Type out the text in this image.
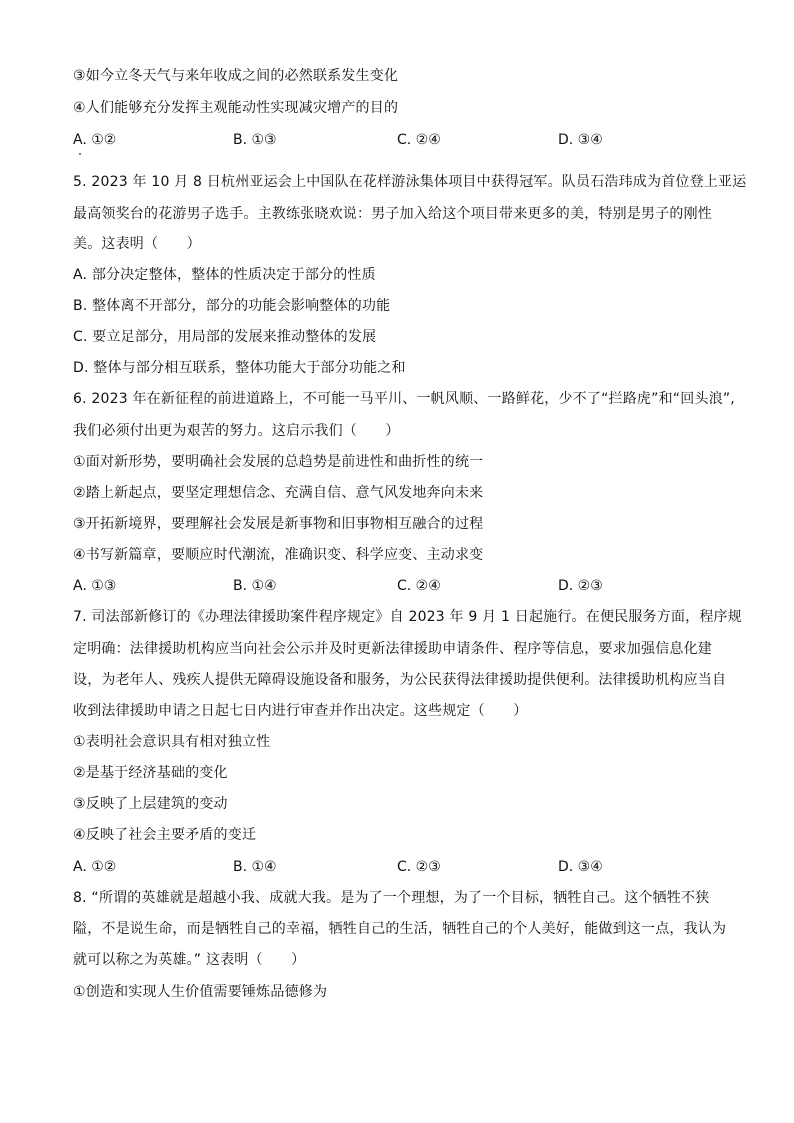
③如今立冬天气与来年收成之间的必然联系发生变化
④人们能够充分发挥主观能动性实现减灾增产的目的
A. ①②	B. ①③	C. ②④	D. ③④
5. 2023 年 10 月 8 日杭州亚运会上中国队在花样游泳集体项目中获得冠军。队员石浩玮成为首位登上亚运
最高领奖台的花游男子选手。主教练张晓欢说：男子加入给这个项目带来更多的美，特别是男子的刚性
美。这表明（　　）
A. 部分决定整体，整体的性质决定于部分的性质
B. 整体离不开部分，部分的功能会影响整体的功能
C. 要立足部分，用局部的发展来推动整体的发展
D. 整体与部分相互联系，整体功能大于部分功能之和
6. 2023 年在新征程的前进道路上，不可能一马平川、一帆风顺、一路鲜花，少不了“拦路虎”和“回头浪”,
我们必须付出更为艰苦的努力。这启示我们（　　）
①面对新形势，要明确社会发展的总趋势是前进性和曲折性的统一
②踏上新起点，要坚定理想信念、充满自信、意气风发地奔向未来
③开拓新境界，要理解社会发展是新事物和旧事物相互融合的过程
④书写新篇章，要顺应时代潮流，准确识变、科学应变、主动求变
A. ①③	B. ①④	C. ②④	D. ②③
7. 司法部新修订的《办理法律援助案件程序规定》自 2023 年 9 月 1 日起施行。在便民服务方面，程序规
定明确：法律援助机构应当向社会公示并及时更新法律援助申请条件、程序等信息，要求加强信息化建
设，为老年人、残疾人提供无障碍设施设备和服务，为公民获得法律援助提供便利。法律援助机构应当自
收到法律援助申请之日起七日内进行审查并作出决定。这些规定（　　）
①表明社会意识具有相对独立性
②是基于经济基础的变化
③反映了上层建筑的变动
④反映了社会主要矛盾的变迁
A. ①②	B. ①④	C. ②③	D. ③④
8. “所谓的英雄就是超越小我、成就大我。是为了一个理想，为了一个目标，牺牲自己。这个牺牲不狭
隘，不是说生命，而是牺牲自己的幸福，牺牲自己的生活，牺牲自己的个人美好，能做到这一点，我认为
就可以称之为英雄。” 这表明（　　）
①创造和实现人生价值需要锤炼品德修为
